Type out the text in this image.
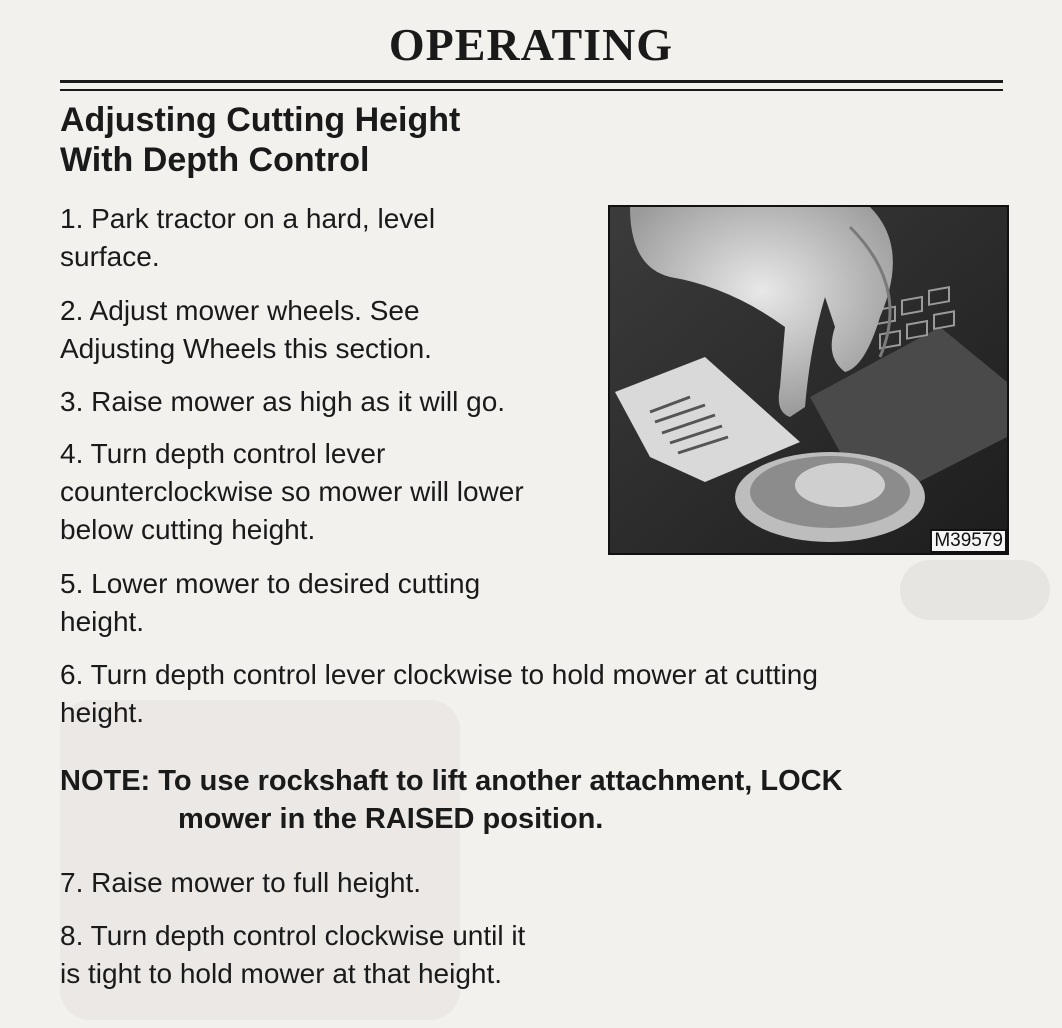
OPERATING
Adjusting Cutting Height
With Depth Control
1. Park tractor on a hard, level
surface.
2. Adjust mower wheels. See
Adjusting Wheels this section.
3. Raise mower as high as it will go.
4. Turn depth control lever
counterclockwise so mower will lower
below cutting height.
5. Lower mower to desired cutting
height.
6. Turn depth control lever clockwise to hold mower at cutting
height.
NOTE: To use rockshaft to lift another attachment, LOCK
mower in the RAISED position.
7. Raise mower to full height.
8. Turn depth control clockwise until it
is tight to hold mower at that height.
M39579
